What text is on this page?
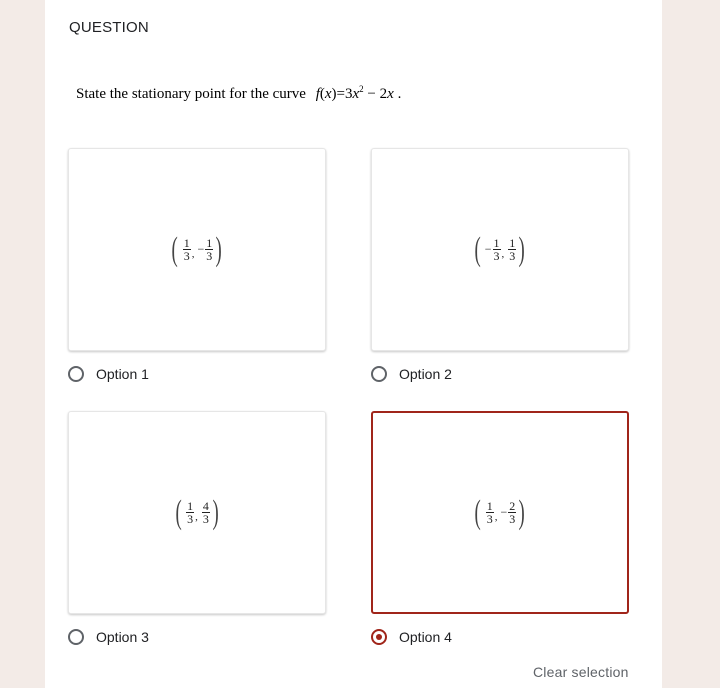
QUESTION
State the stationary point for the curve $f(x)=3x^2 - 2x$ .
( $\frac{1}{3}$ , − $\frac{1}{3}$ )
Option 1
( − $\frac{1}{3}$ , $\frac{1}{3}$ )
Option 2
( $\frac{1}{3}$ , $\frac{4}{3}$ )
Option 3
( $\frac{1}{3}$ , − $\frac{2}{3}$ )
Option 4
Clear selection
